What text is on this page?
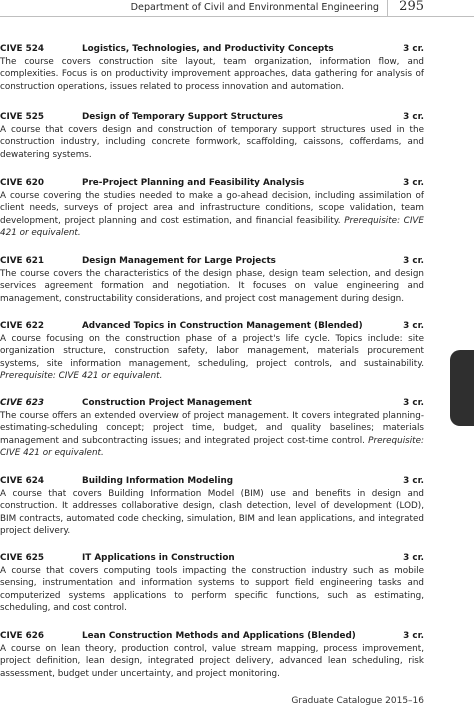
Department of Civil and Environmental Engineering 295
CIVE 524	Logistics, Technologies, and Productivity Concepts	3 cr.

The course covers construction site layout, team organization, information flow, and complexities. Focus is on productivity improvement approaches, data gathering for analysis of construction operations, issues related to process innovation and automation.

CIVE 525	Design of Temporary Support Structures	3 cr.

A course that covers design and construction of temporary support structures used in the construction industry, including concrete formwork, scaffolding, caissons, cofferdams, and dewatering systems.

CIVE 620	Pre-Project Planning and Feasibility Analysis	3 cr.

A course covering the studies needed to make a go-ahead decision, including assimilation of client needs, surveys of project area and infrastructure conditions, scope validation, team development, project planning and cost estimation, and financial feasibility. Prerequisite: CIVE 421 or equivalent.

CIVE 621	Design Management for Large Projects	3 cr.

The course covers the characteristics of the design phase, design team selection, and design services agreement formation and negotiation. It focuses on value engineering and management, constructability considerations, and project cost management during design.

CIVE 622	Advanced Topics in Construction Management (Blended)	3 cr.

A course focusing on the construction phase of a project's life cycle. Topics include: site organization structure, construction safety, labor management, materials procurement systems, site information management, scheduling, project controls, and sustainability. Prerequisite: CIVE 421 or equivalent.

CIVE 623	Construction Project Management	3 cr.

The course offers an extended overview of project management. It covers integrated planning-estimating-scheduling concept; project time, budget, and quality baselines; materials management and subcontracting issues; and integrated project cost-time control. Prerequisite: CIVE 421 or equivalent.

CIVE 624	Building Information Modeling	3 cr.

A course that covers Building Information Model (BIM) use and benefits in design and construction. It addresses collaborative design, clash detection, level of development (LOD), BIM contracts, automated code checking, simulation, BIM and lean applications, and integrated project delivery.

CIVE 625	IT Applications in Construction	3 cr.

A course that covers computing tools impacting the construction industry such as mobile sensing, instrumentation and information systems to support field engineering tasks and computerized systems applications to perform specific functions, such as estimating, scheduling, and cost control.

CIVE 626	Lean Construction Methods and Applications (Blended)	3 cr.

A course on lean theory, production control, value stream mapping, process improvement, project definition, lean design, integrated project delivery, advanced lean scheduling, risk assessment, budget under uncertainty, and project monitoring.

Graduate Catalogue 2015–16
